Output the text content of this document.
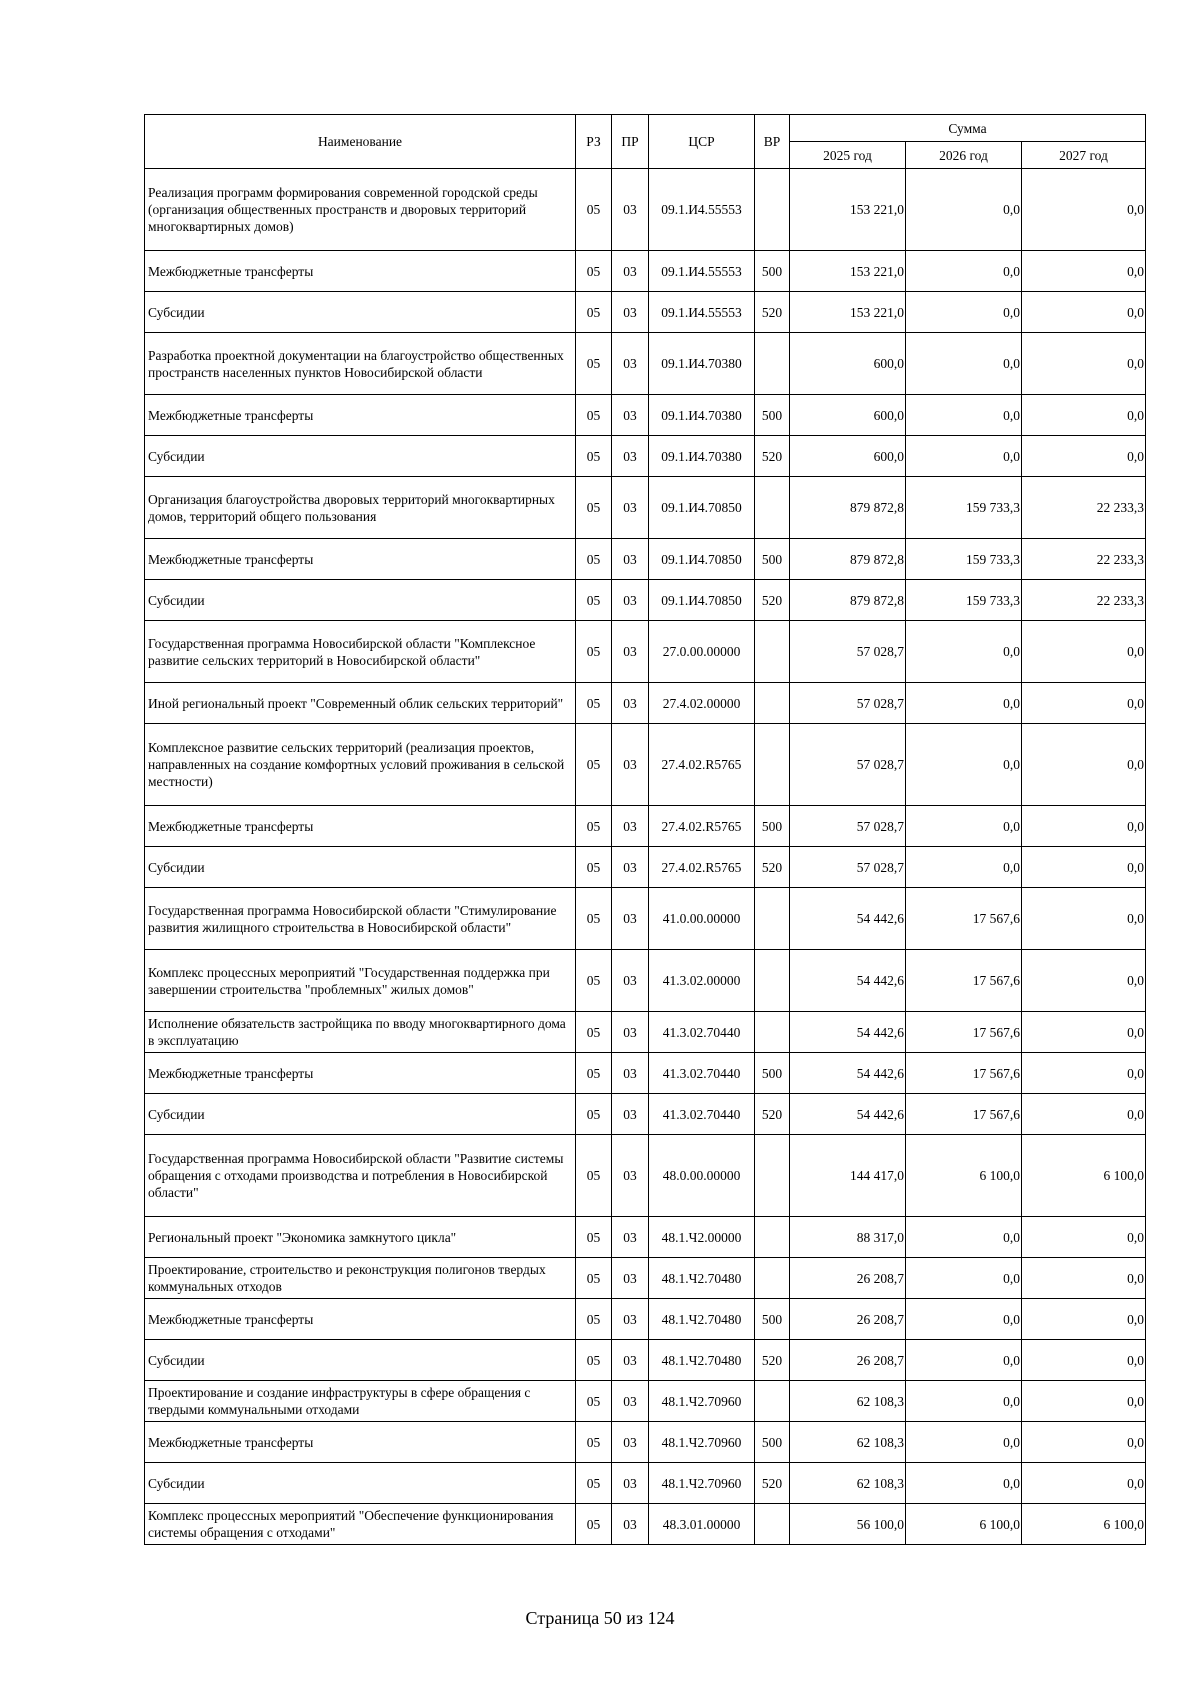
Наименование	РЗ	ПР	ЦСР	ВР	Сумма		
					2025 год	2026 год	2027 год
Реализация программ формирования современной городской среды (организация общественных пространств и дворовых территорий многоквартирных домов)	05	03	09.1.И4.55553		153 221,0	0,0	0,0
Межбюджетные трансферты	05	03	09.1.И4.55553	500	153 221,0	0,0	0,0
Субсидии	05	03	09.1.И4.55553	520	153 221,0	0,0	0,0
Разработка проектной документации на благоустройство общественных пространств населенных пунктов Новосибирской области	05	03	09.1.И4.70380		600,0	0,0	0,0
Межбюджетные трансферты	05	03	09.1.И4.70380	500	600,0	0,0	0,0
Субсидии	05	03	09.1.И4.70380	520	600,0	0,0	0,0
Организация благоустройства дворовых территорий многоквартирных домов, территорий общего пользования	05	03	09.1.И4.70850		879 872,8	159 733,3	22 233,3
Межбюджетные трансферты	05	03	09.1.И4.70850	500	879 872,8	159 733,3	22 233,3
Субсидии	05	03	09.1.И4.70850	520	879 872,8	159 733,3	22 233,3
Государственная программа Новосибирской области "Комплексное развитие сельских территорий в Новосибирской области"	05	03	27.0.00.00000		57 028,7	0,0	0,0
Иной региональный проект "Современный облик сельских территорий"	05	03	27.4.02.00000		57 028,7	0,0	0,0
Комплексное развитие сельских территорий (реализация проектов, направленных на создание комфортных условий проживания в сельской местности)	05	03	27.4.02.R5765		57 028,7	0,0	0,0
Межбюджетные трансферты	05	03	27.4.02.R5765	500	57 028,7	0,0	0,0
Субсидии	05	03	27.4.02.R5765	520	57 028,7	0,0	0,0
Государственная программа Новосибирской области "Стимулирование развития жилищного строительства в Новосибирской области"	05	03	41.0.00.00000		54 442,6	17 567,6	0,0
Комплекс процессных мероприятий "Государственная поддержка при завершении строительства "проблемных" жилых домов"	05	03	41.3.02.00000		54 442,6	17 567,6	0,0
Исполнение обязательств застройщика по вводу многоквартирного дома в эксплуатацию	05	03	41.3.02.70440		54 442,6	17 567,6	0,0
Межбюджетные трансферты	05	03	41.3.02.70440	500	54 442,6	17 567,6	0,0
Субсидии	05	03	41.3.02.70440	520	54 442,6	17 567,6	0,0
Государственная программа Новосибирской области "Развитие системы обращения с отходами производства и потребления в Новосибирской области"	05	03	48.0.00.00000		144 417,0	6 100,0	6 100,0
Региональный проект "Экономика замкнутого цикла"	05	03	48.1.Ч2.00000		88 317,0	0,0	0,0
Проектирование, строительство и реконструкция полигонов твердых коммунальных отходов	05	03	48.1.Ч2.70480		26 208,7	0,0	0,0
Межбюджетные трансферты	05	03	48.1.Ч2.70480	500	26 208,7	0,0	0,0
Субсидии	05	03	48.1.Ч2.70480	520	26 208,7	0,0	0,0
Проектирование и создание инфраструктуры в сфере обращения с твердыми коммунальными отходами	05	03	48.1.Ч2.70960		62 108,3	0,0	0,0
Межбюджетные трансферты	05	03	48.1.Ч2.70960	500	62 108,3	0,0	0,0
Субсидии	05	03	48.1.Ч2.70960	520	62 108,3	0,0	0,0
Комплекс процессных мероприятий "Обеспечение функционирования системы обращения с отходами"	05	03	48.3.01.00000		56 100,0	6 100,0	6 100,0
Страница 50 из 124
